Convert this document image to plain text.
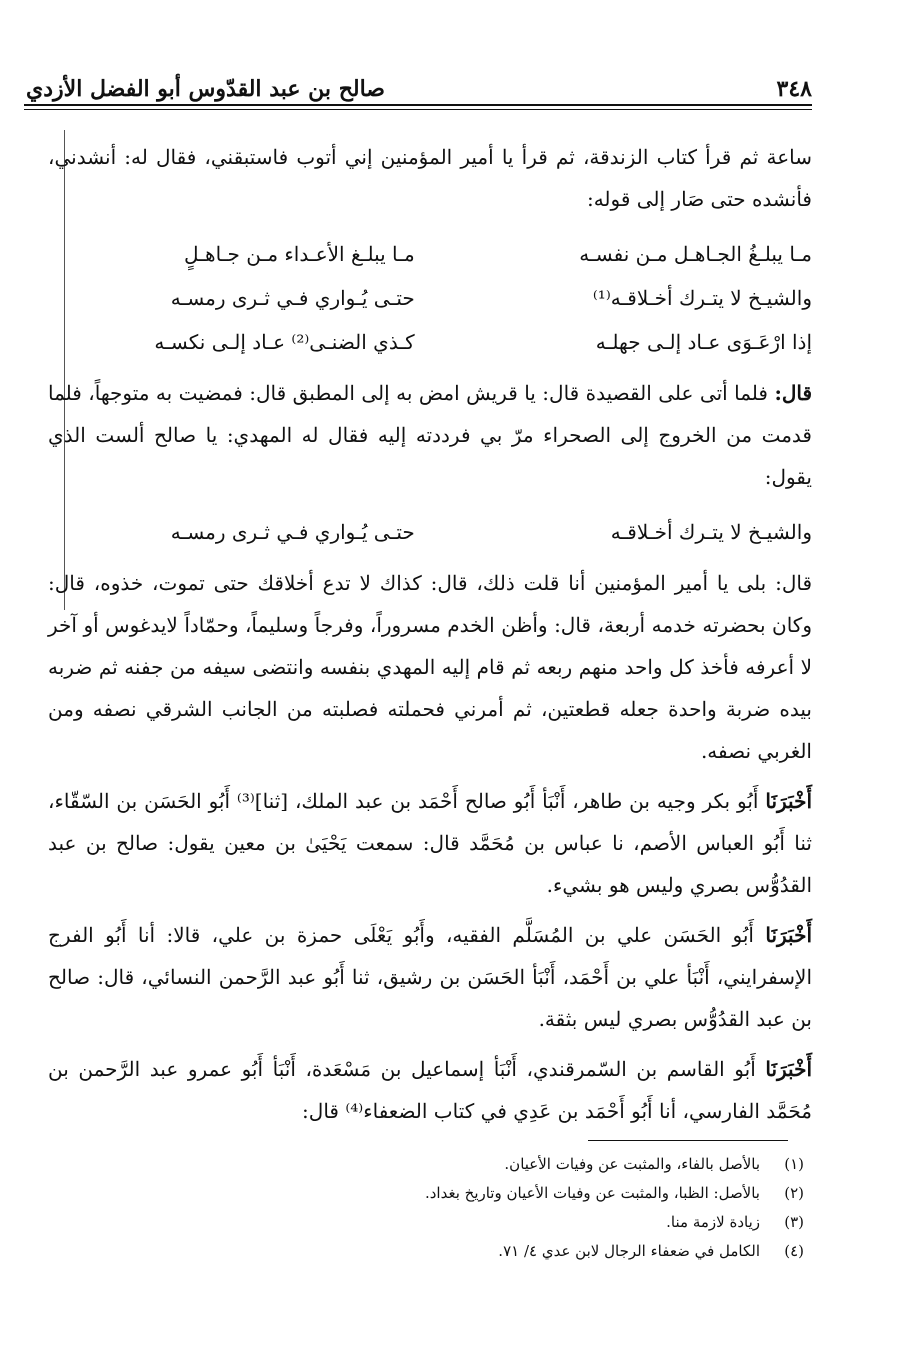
٣٤٨
صالح بن عبد القدّوس أبو الفضل الأزدي

ساعة ثم قرأ كتاب الزندقة، ثم قرأ يا أمير المؤمنين إني أتوب فاستبقني، فقال له: أنشدني، فأنشده حتى صَار إلى قوله:

مـا يبلـغُ الجـاهـل مـن نفسـه
مـا يبلـغ الأعـداء مـن جـاهـلٍ
والشيـخ لا يتـرك أخـلاقـه⁽¹⁾
حتـى يُـواري فـي ثـرى رمسـه
إذا ارْعَـوَى عـاد إلـى جهلـه
كـذي الضنـى⁽²⁾ عـاد إلـى نكسـه

قال: فلما أتى على القصيدة قال: يا قريش امض به إلى المطبق قال: فمضيت به متوجهاً، فلما قدمت من الخروج إلى الصحراء مرّ بي فرددته إليه فقال له المهدي: يا صالح ألست الذي يقول:

والشيـخ لا يتـرك أخـلاقـه
حتـى يُـواري فـي ثـرى رمسـه

قال: بلى يا أمير المؤمنين أنا قلت ذلك، قال: كذاك لا تدع أخلاقك حتى تموت، خذوه، قال: وكان بحضرته خدمه أربعة، قال: وأظن الخدم مسروراً، وفرجاً وسليماً، وحمّاداً لايدغوس أو آخر لا أعرفه فأخذ كل واحد منهم ربعه ثم قام إليه المهدي بنفسه وانتضى سيفه من جفنه ثم ضربه بيده ضربة واحدة جعله قطعتين، ثم أمرني فحملته فصلبته من الجانب الشرقي نصفه ومن الغربي نصفه.

أَخْبَرَنَا أَبُو بكر وجيه بن طاهر، أَنْبَأ أَبُو صالح أَحْمَد بن عبد الملك، [ثنا]⁽³⁾ أَبُو الحَسَن بن السّقّاء، ثنا أَبُو العباس الأصم، نا عباس بن مُحَمَّد قال: سمعت يَحْيَىٰ بن معين يقول: صالح بن عبد القدُوُّس بصري وليس هو بشيء.

أَخْبَرَنَا أَبُو الحَسَن علي بن المُسَلَّم الفقيه، وأَبُو يَعْلَى حمزة بن علي، قالا: أنا أَبُو الفرج الإسفرايني، أَنْبَأ علي بن أَحْمَد، أَنْبَأ الحَسَن بن رشيق، ثنا أَبُو عبد الرَّحمن النسائي، قال: صالح بن عبد القدُوُّس بصري ليس بثقة.

أَخْبَرَنَا أَبُو القاسم بن السّمرقندي، أَنْبَأ إسماعيل بن مَسْعَدة، أَنْبَأ أَبُو عمرو عبد الرَّحمن بن مُحَمَّد الفارسي، أنا أَبُو أَحْمَد بن عَدِي في كتاب الضعفاء⁽⁴⁾ قال:

(١)
بالأصل بالفاء، والمثبت عن وفيات الأعيان.
(٢)
بالأصل: الظبا، والمثبت عن وفيات الأعيان وتاريخ بغداد.
(٣)
زيادة لازمة منا.
(٤)
الكامل في ضعفاء الرجال لابن عدي ٤/ ٧١.
